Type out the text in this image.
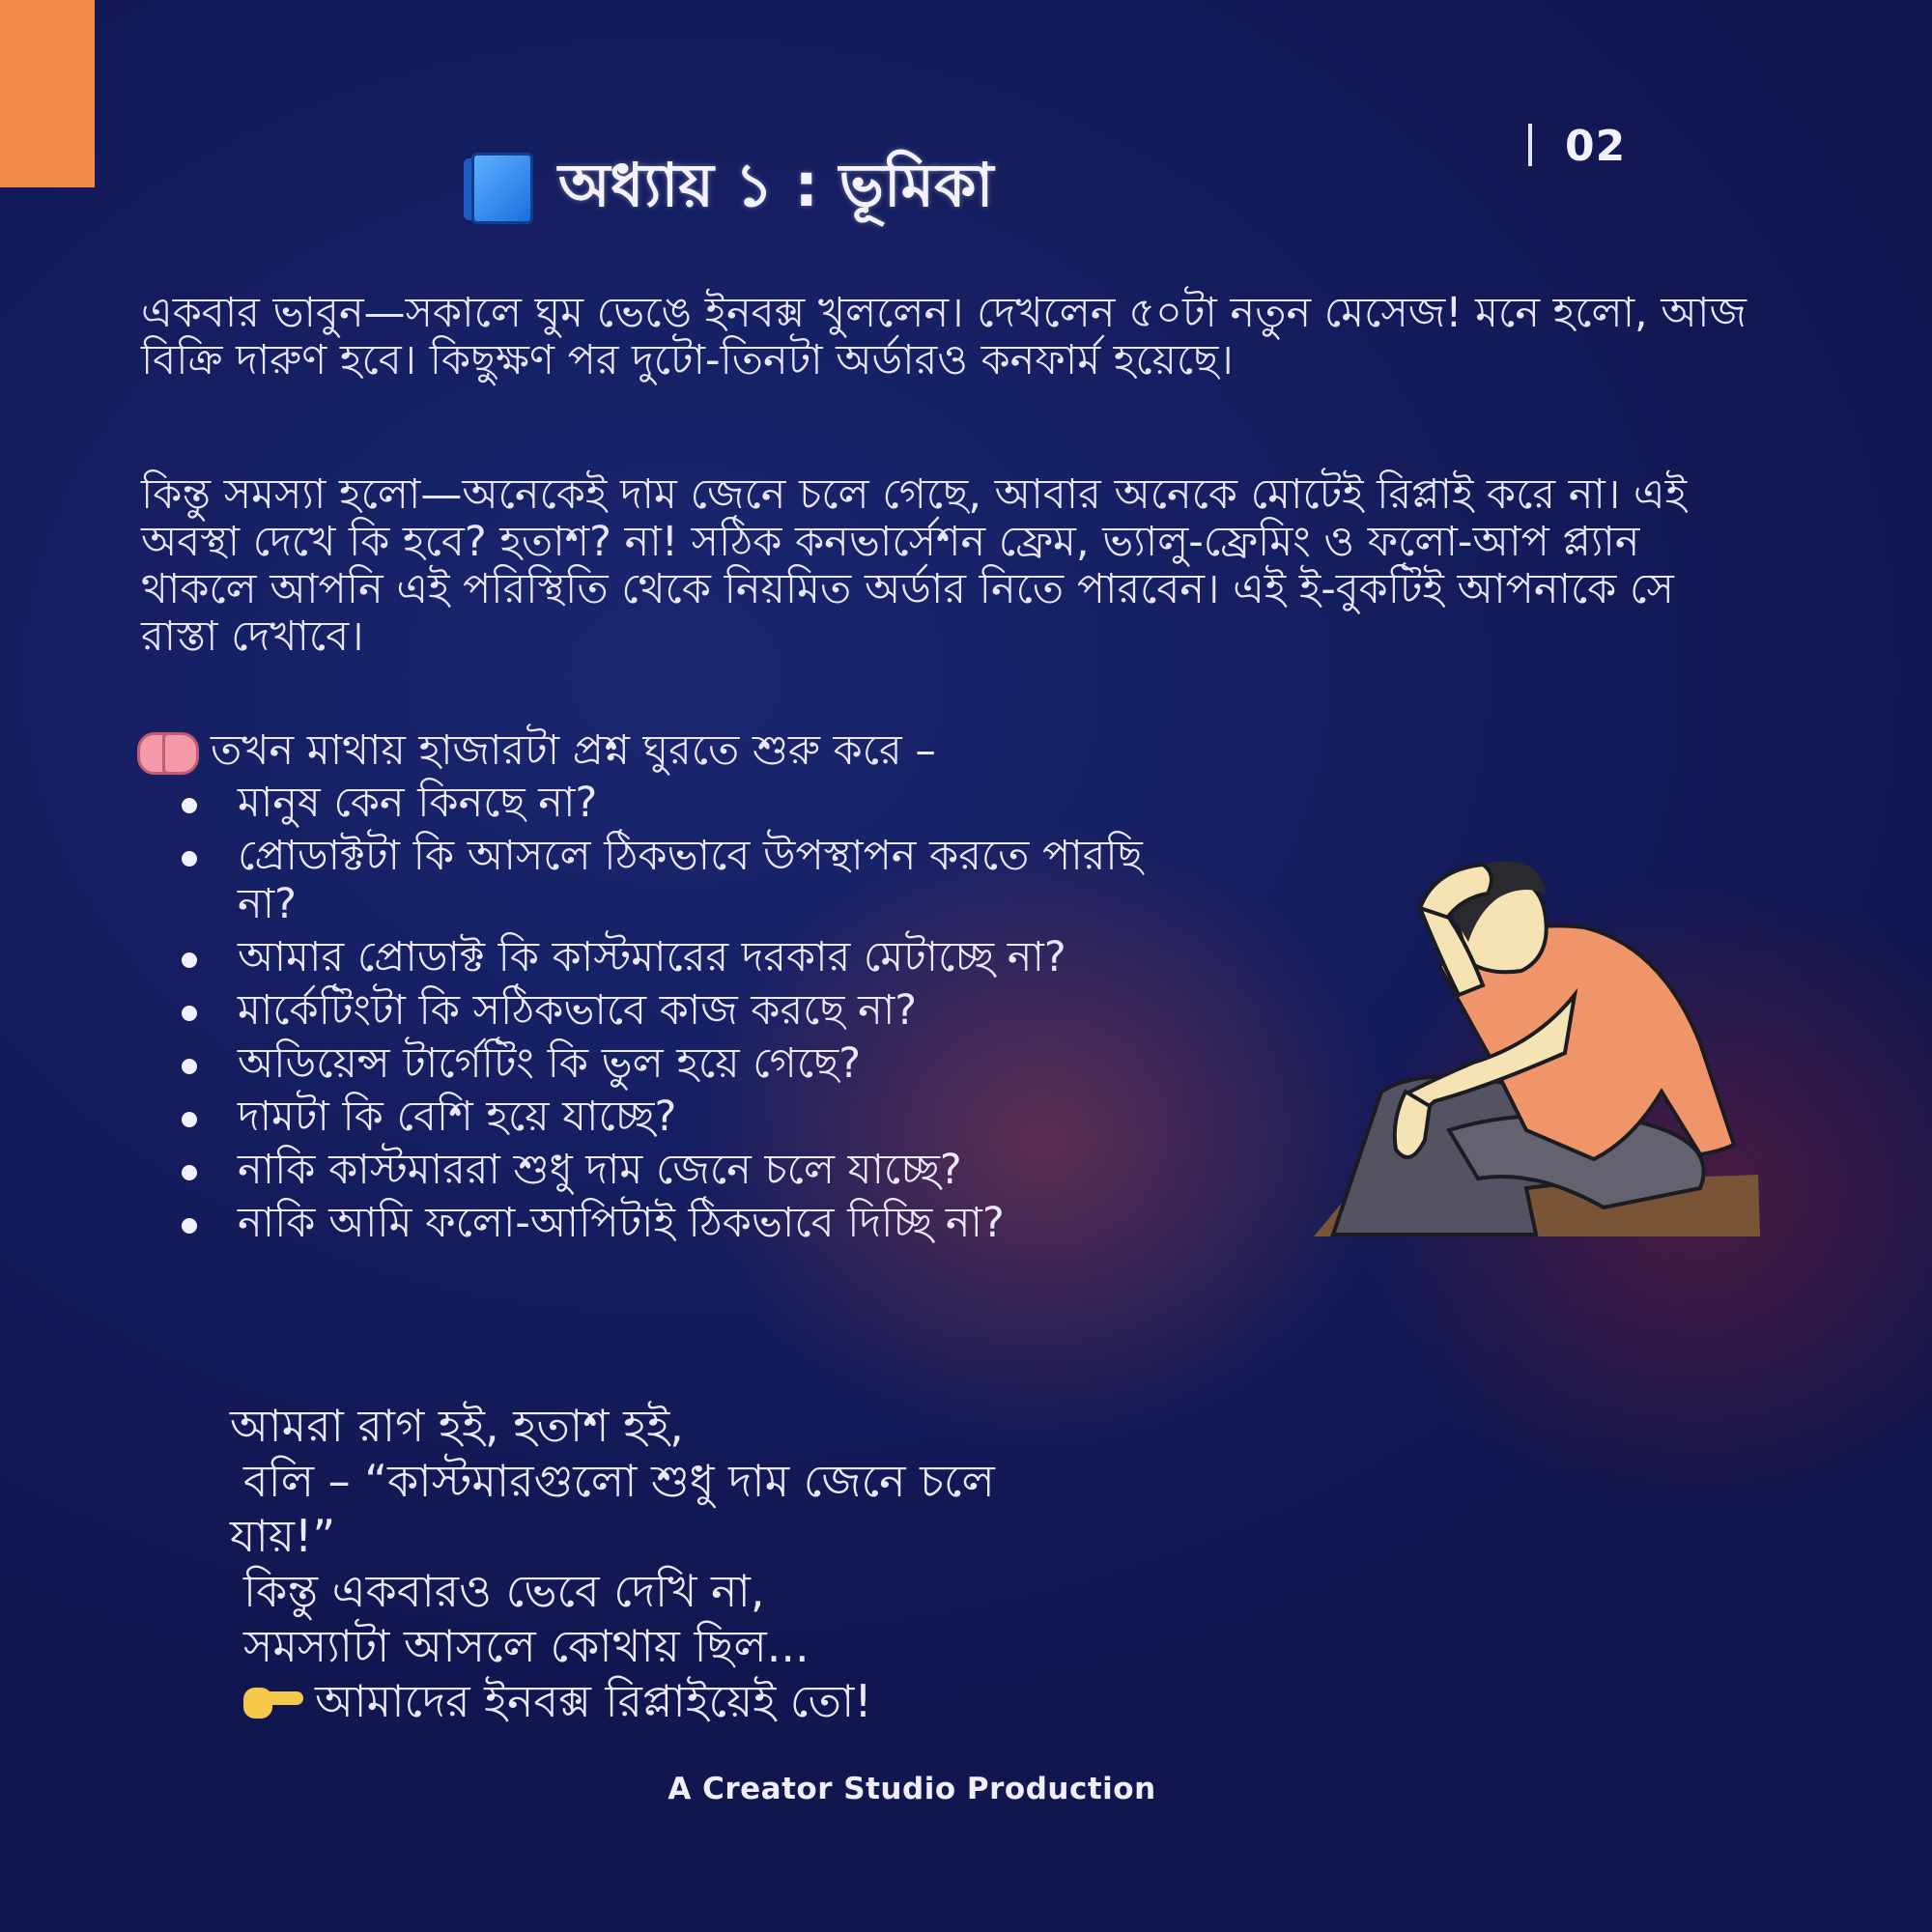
02
অধ্যায় ১ : ভূমিকা

একবার ভাবুন—সকালে ঘুম ভেঙে ইনবক্স খুললেন। দেখলেন ৫০টা নতুন মেসেজ! মনে হলো, আজ বিক্রি দারুণ হবে। কিছুক্ষণ পর দুটো-তিনটা অর্ডারও কনফার্ম হয়েছে।

কিন্তু সমস্যা হলো—অনেকেই দাম জেনে চলে গেছে, আবার অনেকে মোটেই রিপ্লাই করে না। এই অবস্থা দেখে কি হবে? হতাশ? না! সঠিক কনভার্সেশন ফ্রেম, ভ্যালু-ফ্রেমিং ও ফলো-আপ প্ল্যান থাকলে আপনি এই পরিস্থিতি থেকে নিয়মিত অর্ডার নিতে পারবেন। এই ই-বুকটিই আপনাকে সে রাস্তা দেখাবে।

তখন মাথায় হাজারটা প্রশ্ন ঘুরতে শুরু করে –
মানুষ কেন কিনছে না?
প্রোডাক্টটা কি আসলে ঠিকভাবে উপস্থাপন করতে পারছি না?
আমার প্রোডাক্ট কি কাস্টমারের দরকার মেটাচ্ছে না?
মার্কেটিংটা কি সঠিকভাবে কাজ করছে না?
অডিয়েন্স টার্গেটিং কি ভুল হয়ে গেছে?
দামটা কি বেশি হয়ে যাচ্ছে?
নাকি কাস্টমাররা শুধু দাম জেনে চলে যাচ্ছে?
নাকি আমি ফলো-আপিটাই ঠিকভাবে দিচ্ছি না?
আমরা রাগ হই, হতাশ হই,
বলি – “কাস্টমারগুলো শুধু দাম জেনে চলে
যায়!”
কিন্তু একবারও ভেবে দেখি না,
সমস্যাটা আসলে কোথায় ছিল...
আমাদের ইনবক্স রিপ্লাইয়েই তো!
A Creator Studio Production
